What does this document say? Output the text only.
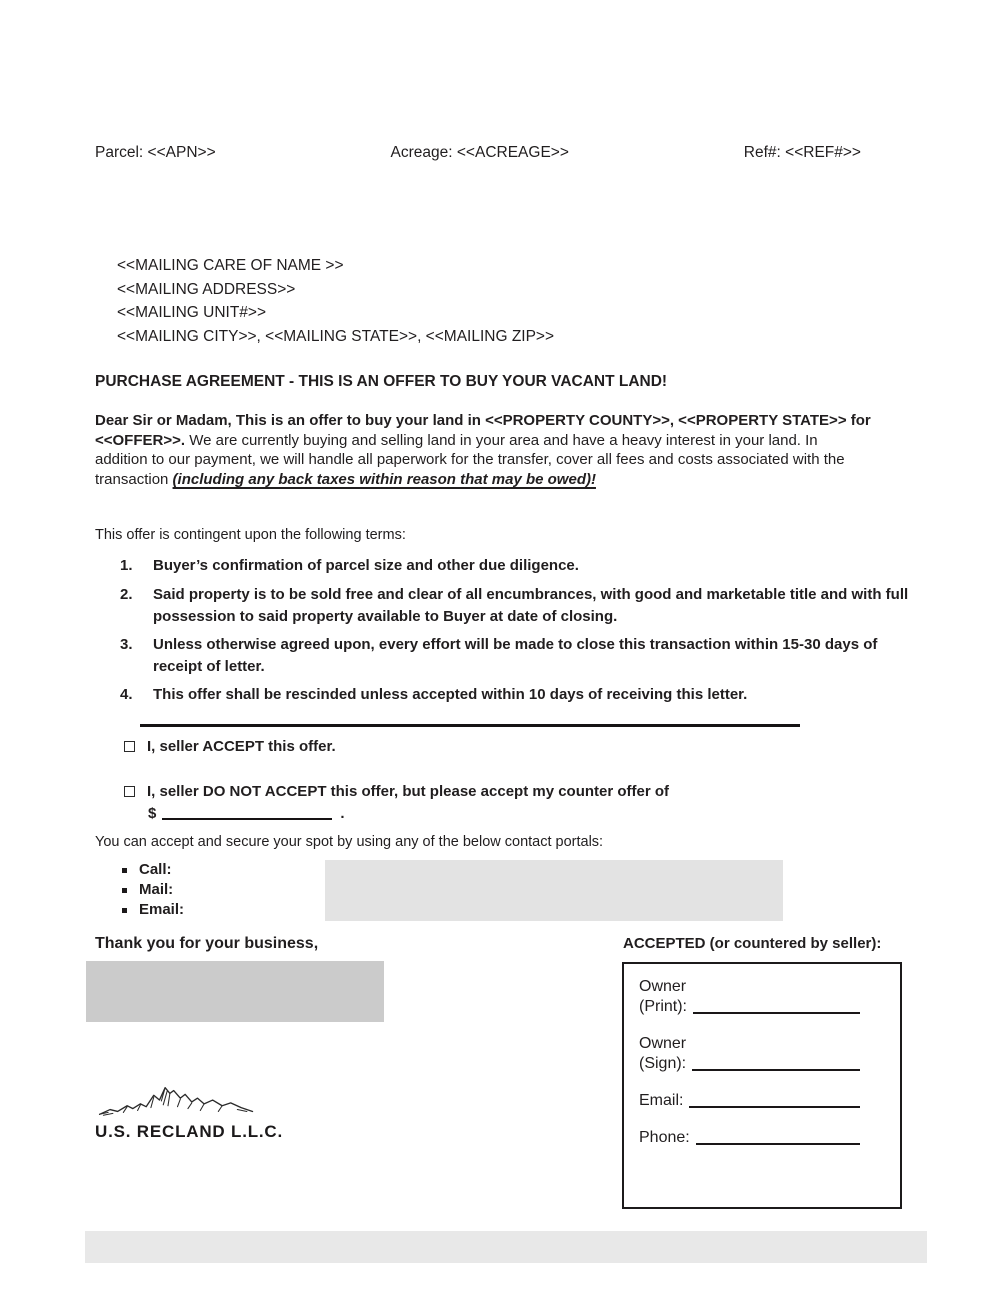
Parcel: <<APN>>	Acreage: <<ACREAGE>>	Ref#: <<REF#>>
<<MAILING CARE OF NAME >>
<<MAILING ADDRESS>>
<<MAILING UNIT#>>
<<MAILING CITY>>, <<MAILING STATE>>, <<MAILING ZIP>>
PURCHASE AGREEMENT - THIS IS AN OFFER TO BUY YOUR VACANT LAND!
Dear Sir or Madam, This is an offer to buy your land in <<PROPERTY COUNTY>>, <<PROPERTY STATE>> for <<OFFER>>. We are currently buying and selling land in your area and have a heavy interest in your land. In addition to our payment, we will handle all paperwork for the transfer, cover all fees and costs associated with the transaction (including any back taxes within reason that may be owed)!
This offer is contingent upon the following terms:
1.	Buyer’s confirmation of parcel size and other due diligence.
2.	Said property is to be sold free and clear of all encumbrances, with good and marketable title and with full possession to said property available to Buyer at date of closing.
3.	Unless otherwise agreed upon, every effort will be made to close this transaction within 15-30 days of receipt of letter.
4.	This offer shall be rescinded unless accepted within 10 days of receiving this letter.
I, seller ACCEPT this offer.
I, seller DO NOT ACCEPT this offer, but please accept my counter offer of
$	.
You can accept and secure your spot by using any of the below contact portals:
Call:
Mail:
Email:
Thank you for your business,	ACCEPTED (or countered by seller):
Owner
(Print):
Owner
(Sign):
Email:
Phone:
U.S. RECLAND L.L.C.
